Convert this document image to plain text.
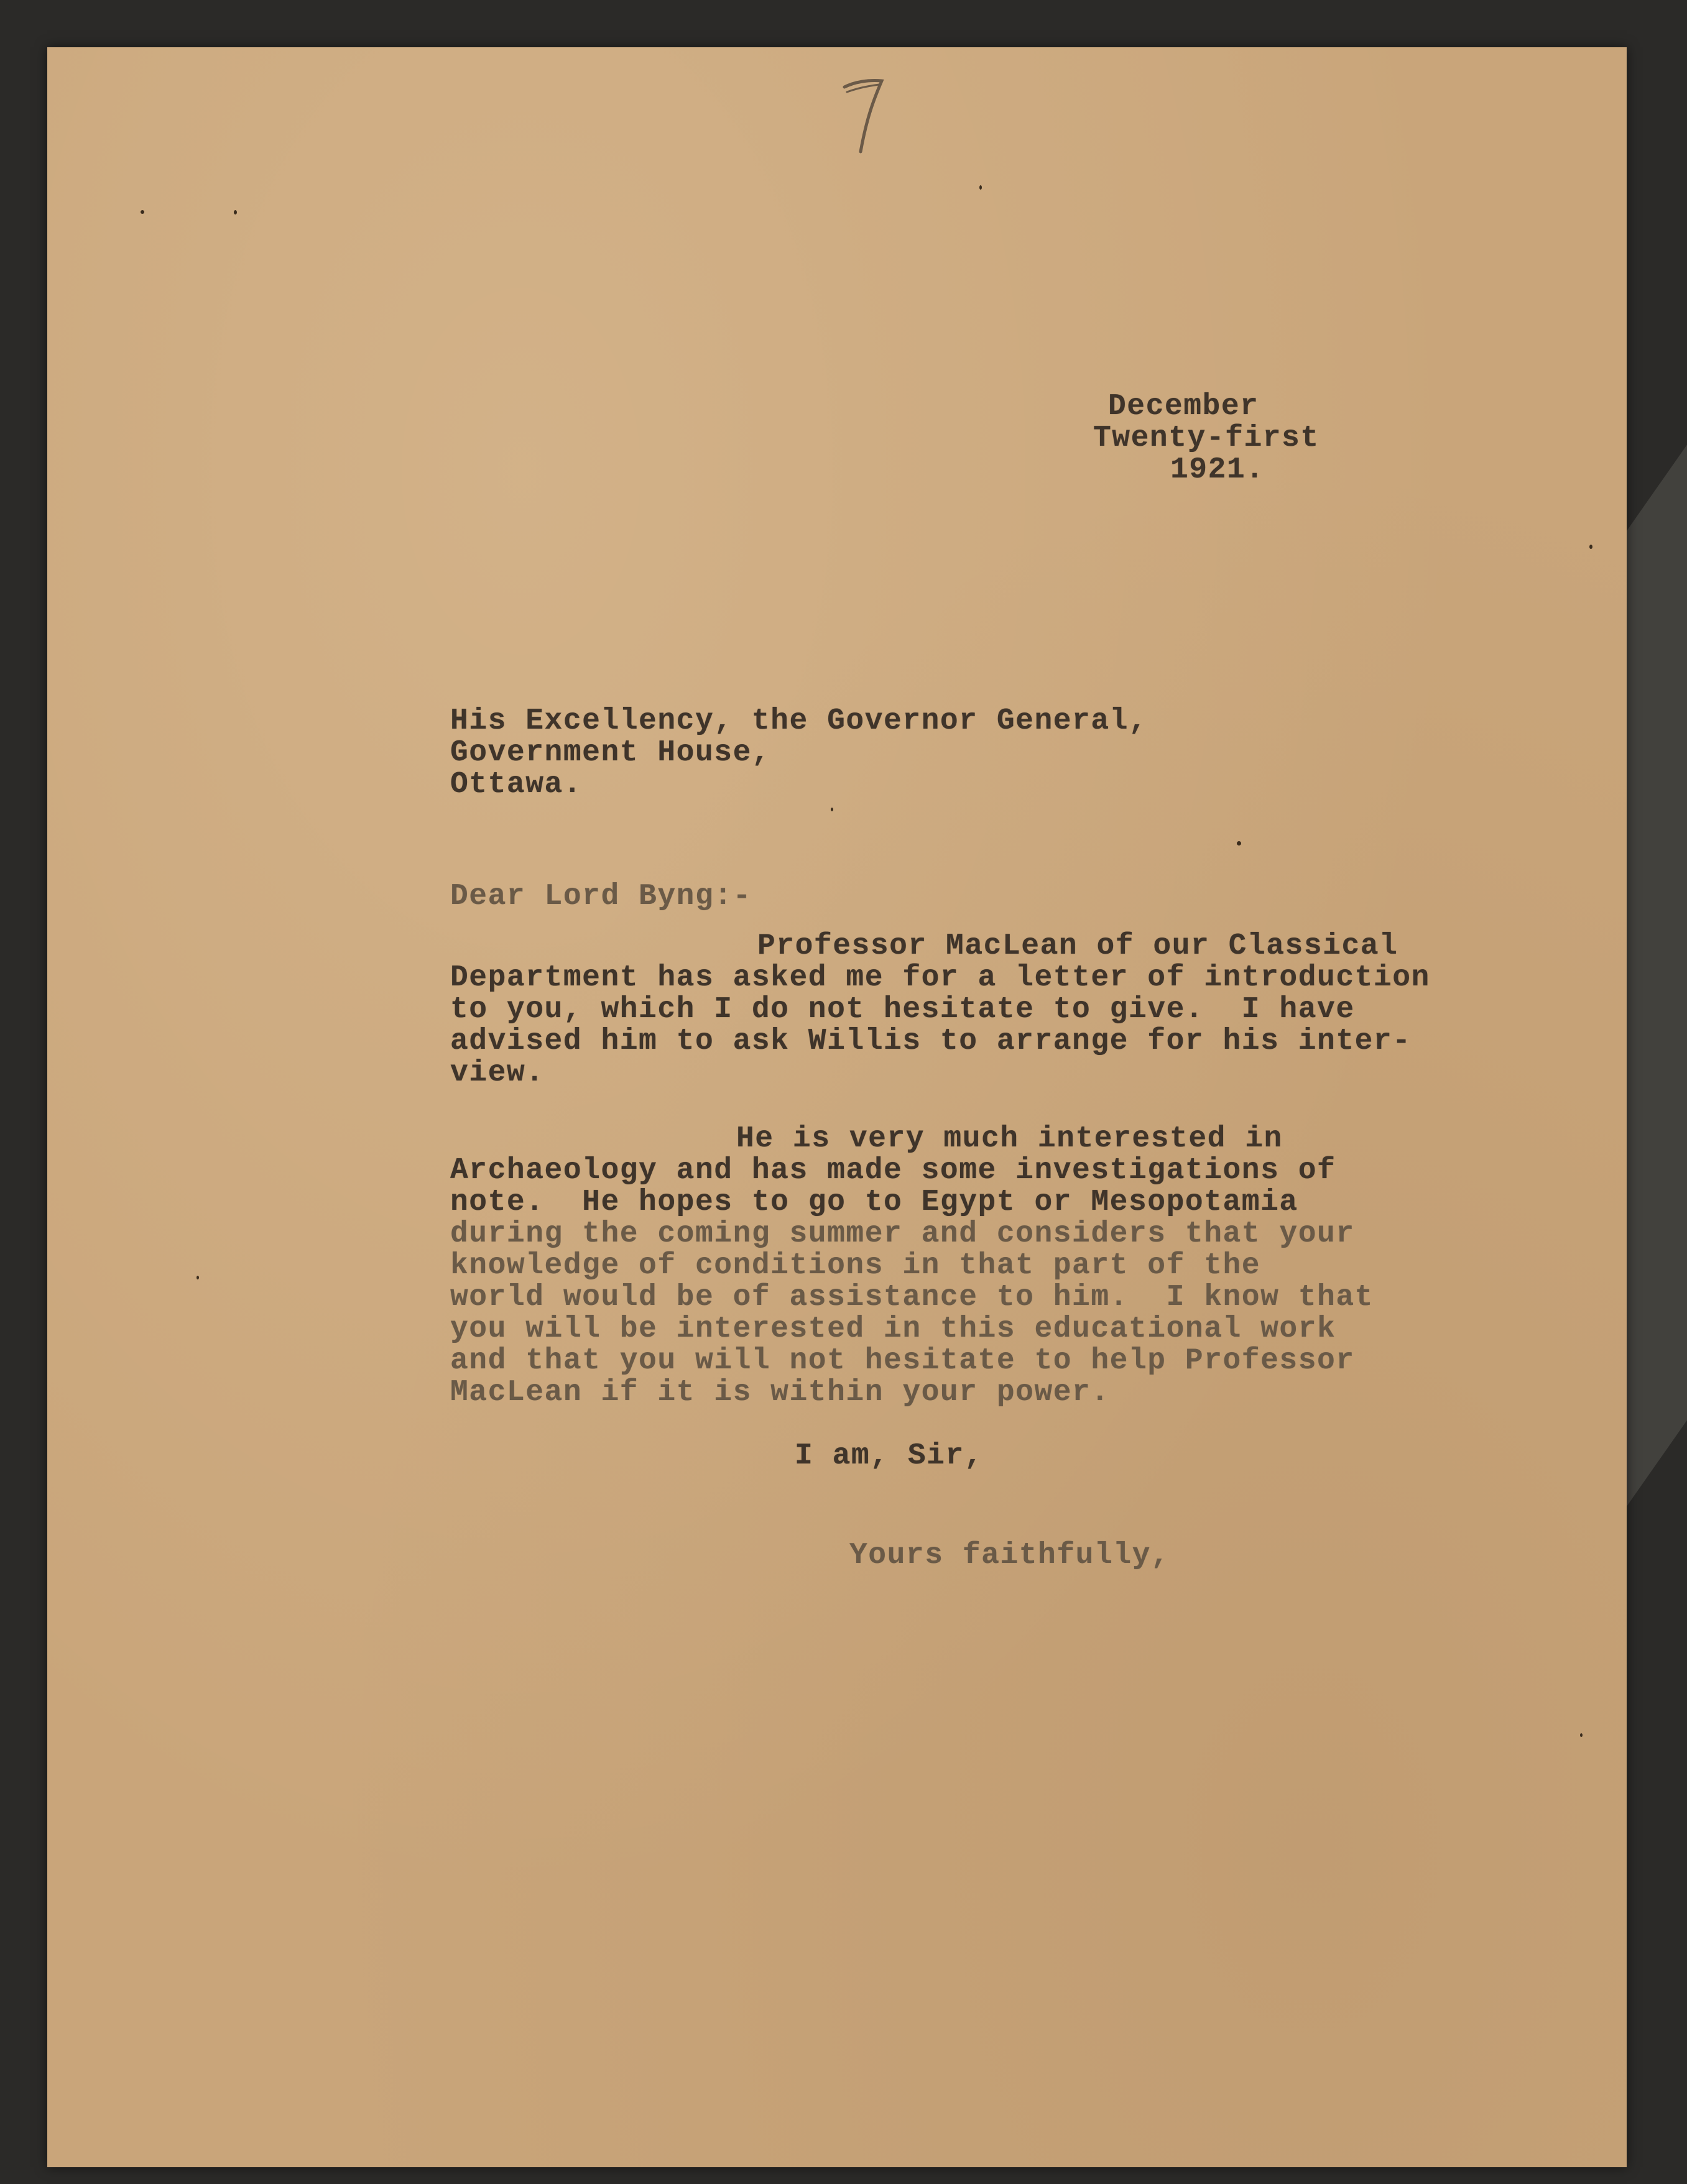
December

Twenty-first

1921.

His Excellency, the Governor General,

Government House,

Ottawa.

Dear Lord Byng:-

Professor MacLean of our Classical

Department has asked me for a letter of introduction

to you, which I do not hesitate to give.  I have

advised him to ask Willis to arrange for his inter-

view.

He is very much interested in

Archaeology and has made some investigations of

note.  He hopes to go to Egypt or Mesopotamia

during the coming summer and considers that your

knowledge of conditions in that part of the

world would be of assistance to him.  I know that

you will be interested in this educational work

and that you will not hesitate to help Professor

MacLean if it is within your power.

I am, Sir,

Yours faithfully,
